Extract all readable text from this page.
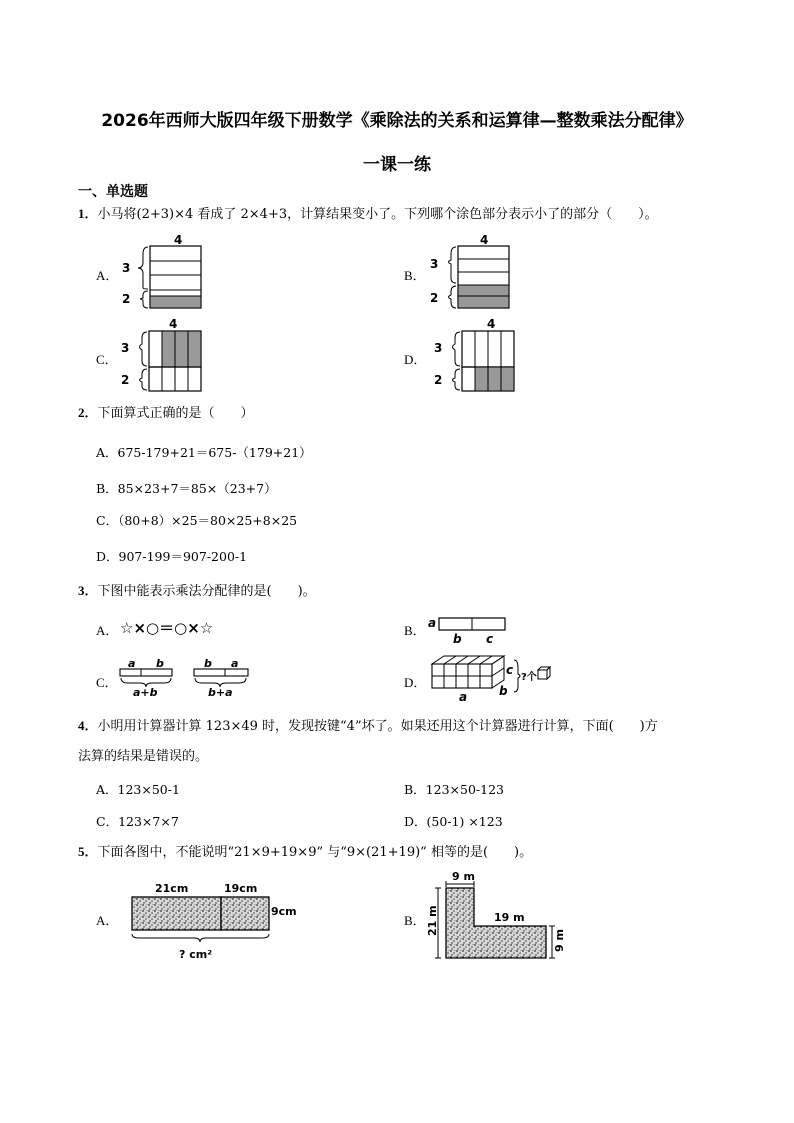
2026年西师大版四年级下册数学《乘除法的关系和运算律—整数乘法分配律》
一课一练
一、单选题
1．小马将(2+3)×4 看成了 2×4+3，计算结果变小了。下列哪个涂色部分表示小了的部分（　　）。
A．
4
3
2
B．
4
3
2
C．
4
3
2
D．
4
3
2
2．下面算式正确的是（　　）
A．675-179+21＝675-（179+21）
B．85×23+7＝85×（23+7）
C．（80+8）×25＝80×25+8×25
D．907-199＝907-200-1
3．下图中能表示乘法分配律的是(　　)。
A． ☆×○＝○×☆	B． a
b c
C．
a b
a+b
b a
b+a
D．
a	b
c
?个
4．小明用计算器计算 123×49 时，发现按键“4”坏了。如果还用这个计算器进行计算，下面(　　)方
法算的结果是错误的。
A．123×50-1	B．123×50-123
C．123×7×7	D．(50-1) ×123
5．下面各图中，不能说明“21×9+19×9” 与“9×(21+19)” 相等的是(　　)。
A．
21cm	19cm
9cm
? cm²
B．
9 m
21 m	19 m
9 m
